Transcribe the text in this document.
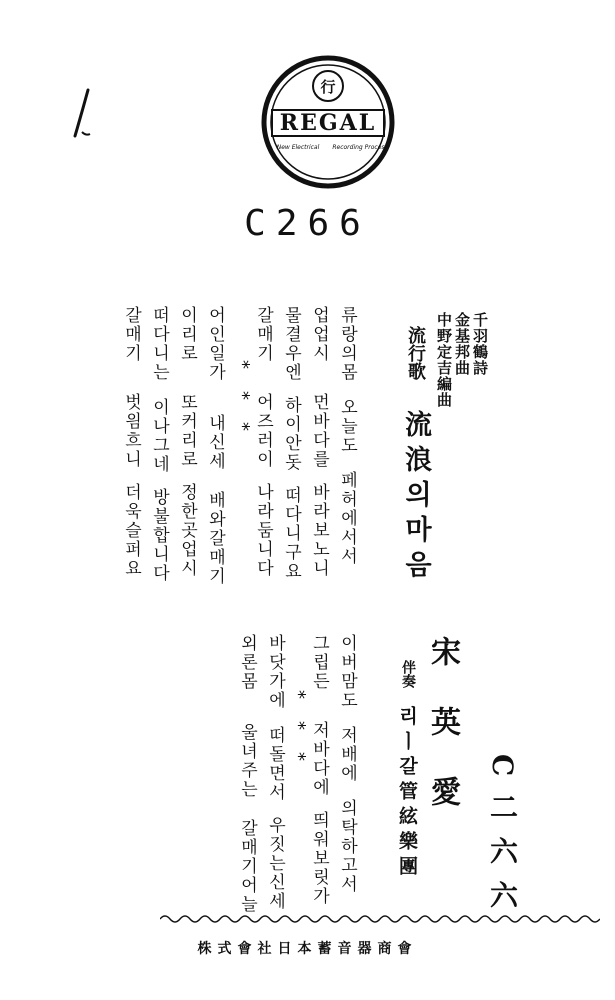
行
REGAL
New Electrical Recording Process
C266
千羽鶴詩
金基邦曲
中野定吉編曲
流行歌
流浪의마음
류랑의몸오늘도페허에서서
업업시먼바다를바라보노니
물결우엔하이안돗떠다니구요
갈매기어즈러이나라둠니다
***
어인일가내신세배와갈매기
이리로또커리로정한곳업시
떠다니는이나그네방불합니다
갈매기벗읨흐니더욱슬퍼요
C二六六
宋英愛
伴奏
리ㅣ갈管絃樂團
이버맘도저배에의탁하고서
그립든저바다에띄워보릿가
***
바닷가에떠돌면서우짓는신세
외론몸울녀주는갈매기어늘
株式會社日本蓄音器商會
